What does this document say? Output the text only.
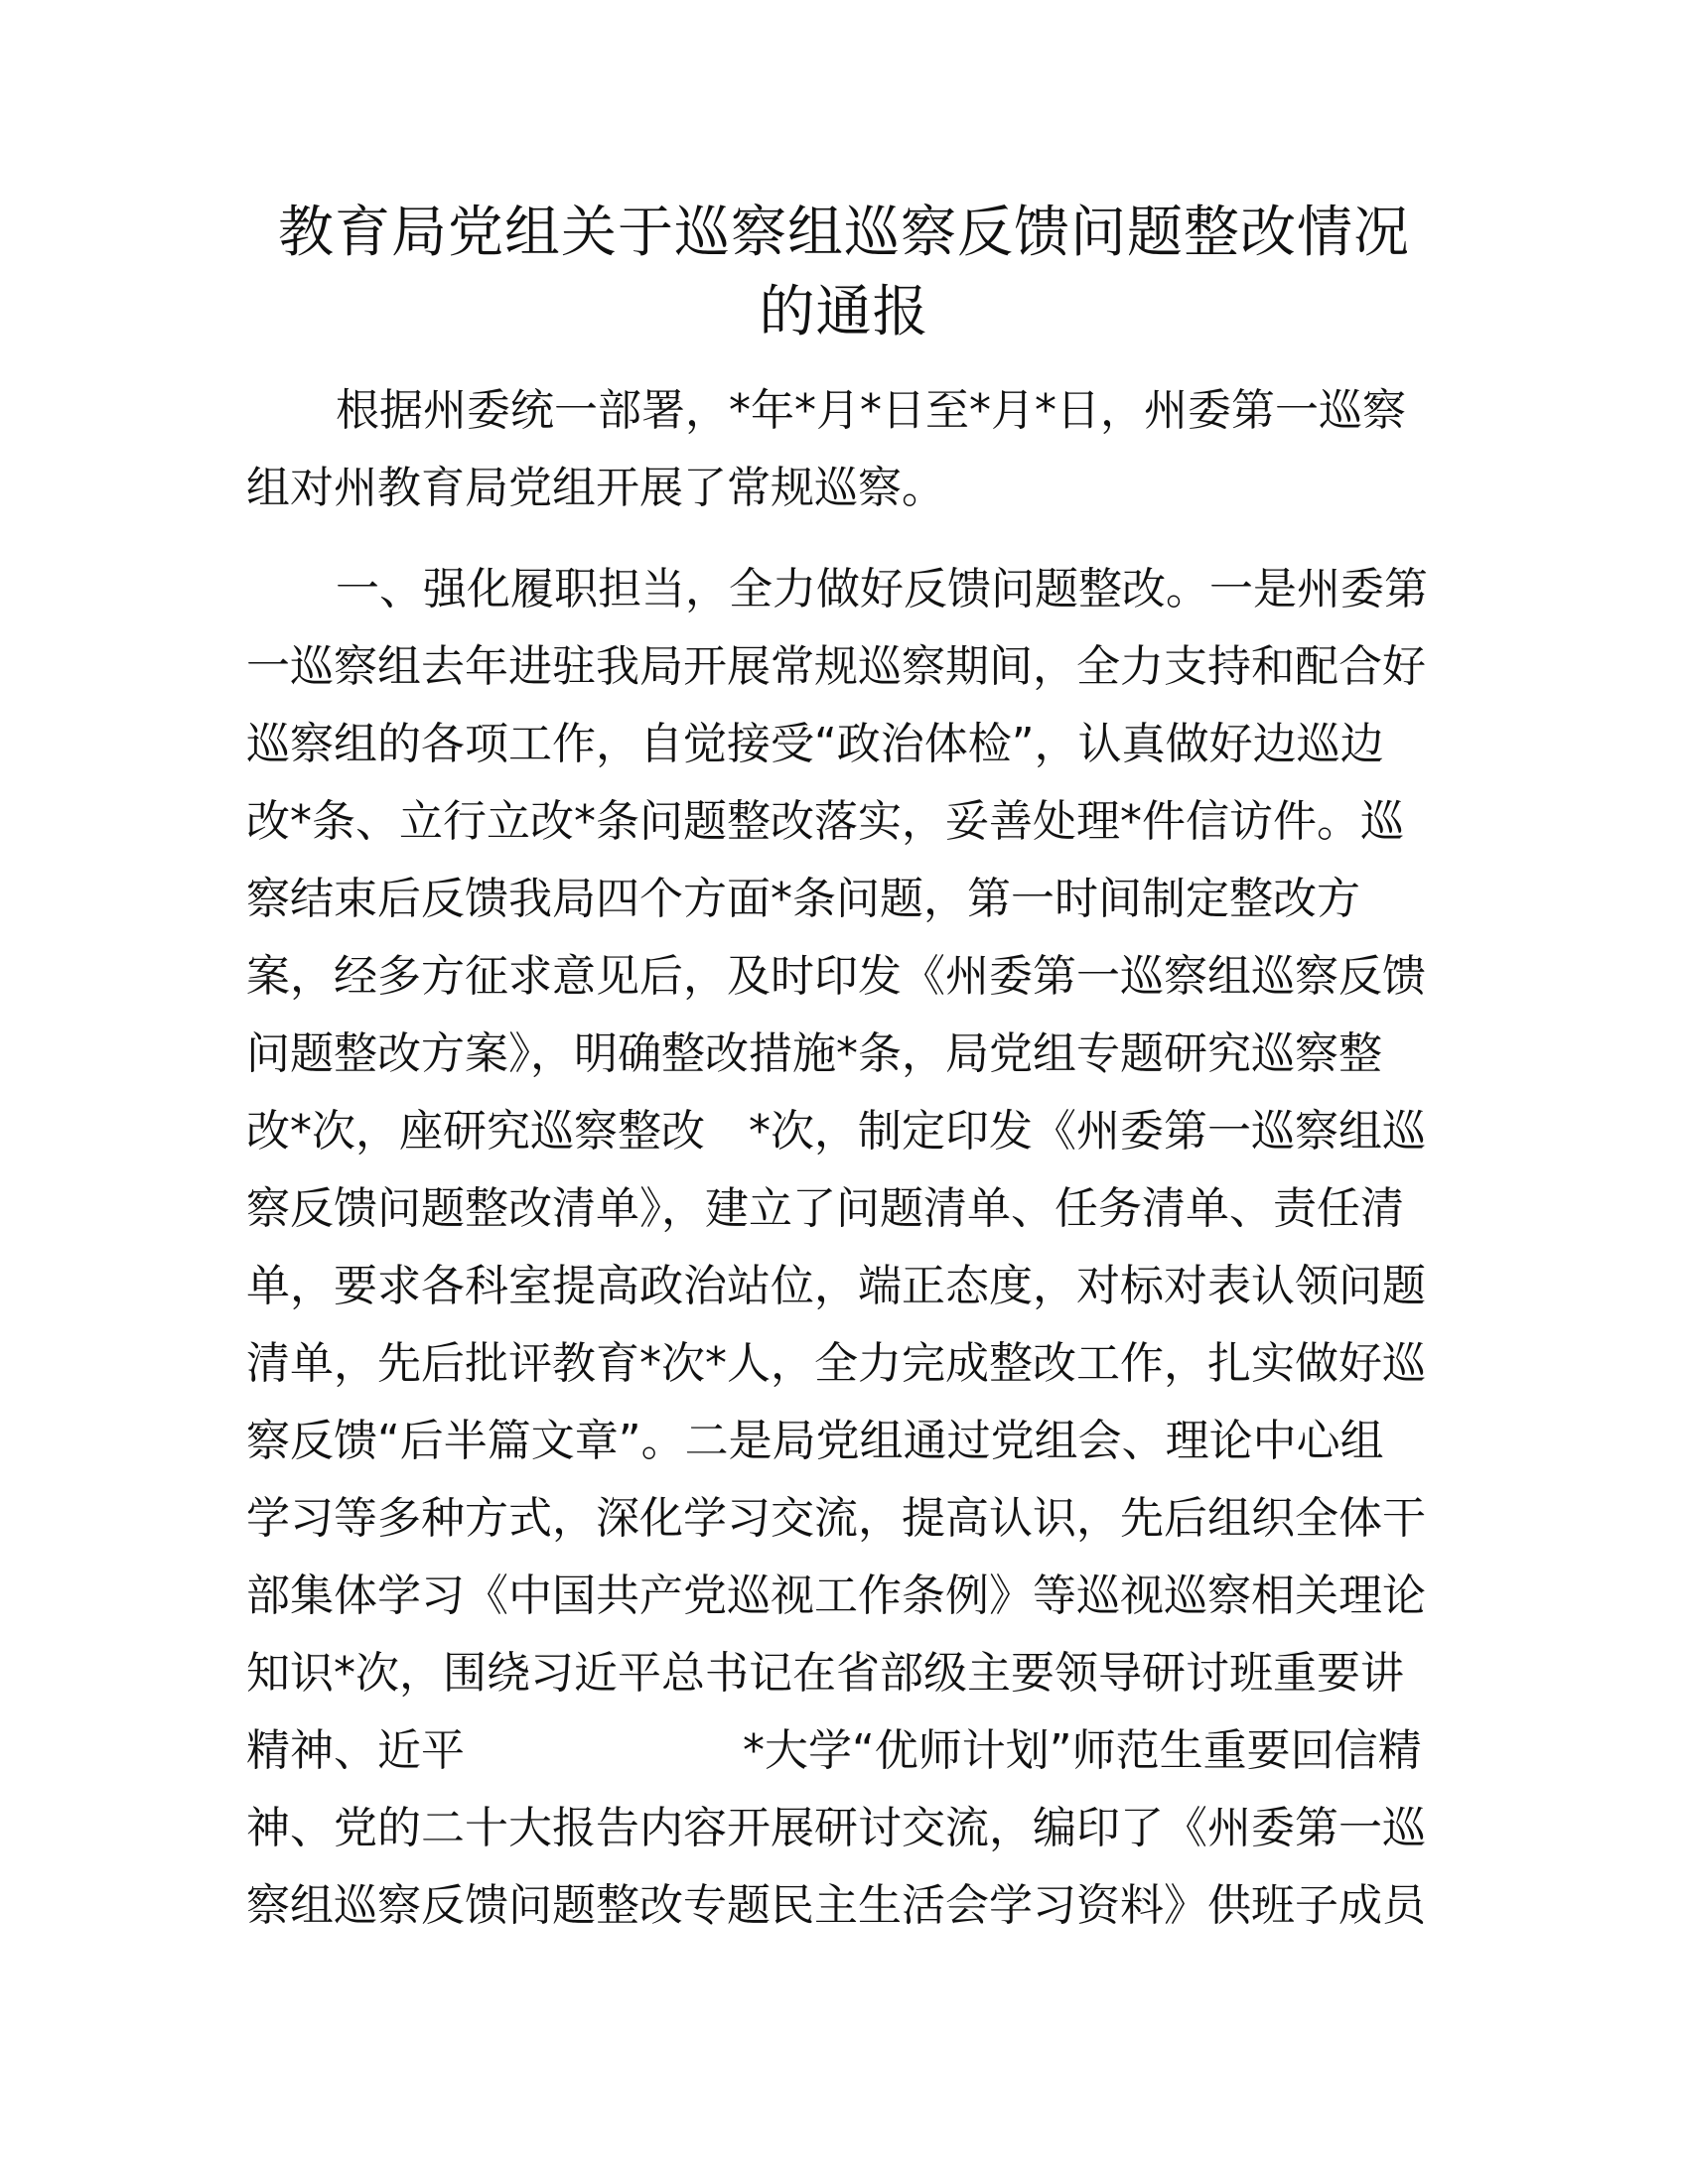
教育局党组关于巡察组巡察反馈问题整改情况
的通报
根据州委统一部署，*年*月*日至*月*日，州委第一巡察
组对州教育局党组开展了常规巡察。
一、强化履职担当，全力做好反馈问题整改。一是州委第
一巡察组去年进驻我局开展常规巡察期间，全力支持和配合好
巡察组的各项工作，自觉接受“政治体检”，认真做好边巡边
改*条、立行立改*条问题整改落实，妥善处理*件信访件。巡
察结束后反馈我局四个方面*条问题，第一时间制定整改方
案，经多方征求意见后，及时印发《州委第一巡察组巡察反馈
问题整改方案》，明确整改措施*条，局党组专题研究巡察整
改*次，座研究巡察整改 *次，制定印发《州委第一巡察组巡
察反馈问题整改清单》，建立了问题清单、任务清单、责任清
单，要求各科室提高政治站位，端正态度，对标对表认领问题
清单，先后批评教育*次*人，全力完成整改工作，扎实做好巡
察反馈“后半篇文章”。二是局党组通过党组会、理论中心组
学习等多种方式，深化学习交流，提高认识，先后组织全体干
部集体学习《中国共产党巡视工作条例》等巡视巡察相关理论
知识*次，围绕习近平总书记在省部级主要领导研讨班重要讲
精神、近平	*大学“优师计划”师范生重要回信精
神、党的二十大报告内容开展研讨交流，编印了《州委第一巡
察组巡察反馈问题整改专题民主生活会学习资料》供班子成员
